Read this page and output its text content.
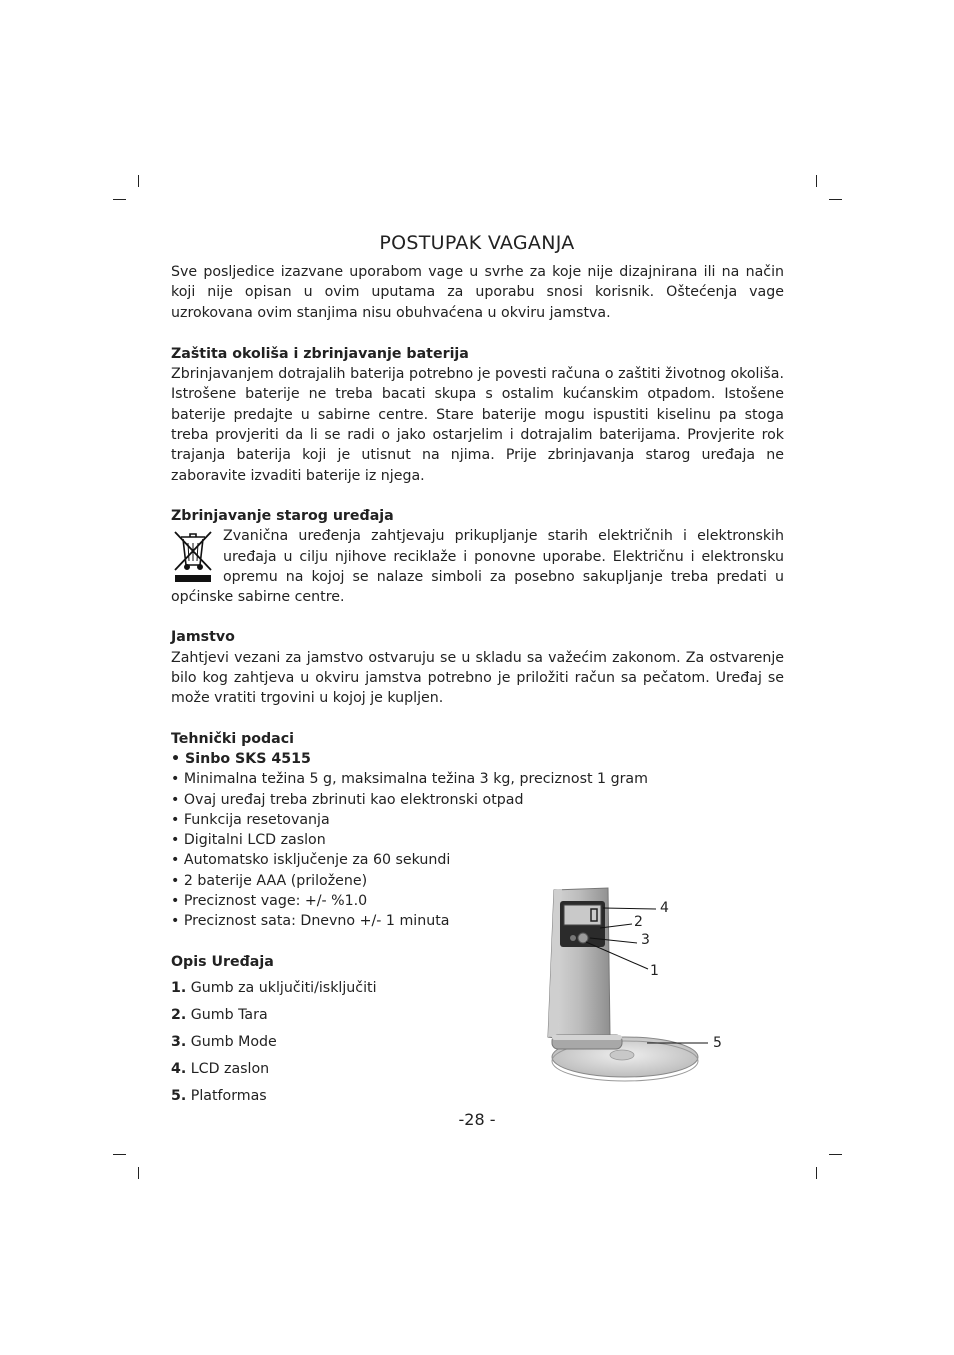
POSTUPAK VAGANJA

Sve posljedice izazvane uporabom vage u svrhe za koje nije dizajnirana ili na način koji nije opisan u ovim uputama za uporabu snosi korisnik. Oštećenja vage uzrokovana ovim stanjima nisu obuhvaćena u okviru jamstva.

Zaštita okoliša i zbrinjavanje baterija

Zbrinjavanjem dotrajalih baterija potrebno je povesti računa o zaštiti životnog okoliša. Istrošene baterije ne treba bacati skupa s ostalim kućanskim otpadom. Istošene baterije predajte u sabirne centre. Stare baterije mogu ispustiti kiselinu pa stoga treba provjeriti da li se radi o jako ostarjelim i dotrajalim baterijama. Provjerite rok trajanja baterija koji je utisnut na njima. Prije zbrinjavanja starog uređaja ne zaboravite izvaditi baterije iz njega.

Zbrinjavanje starog uređaja

Zvanična uređenja zahtjevaju prikupljanje starih električnih i elektronskih uređaja u cilju njihove reciklaže i ponovne uporabe. Električnu i elektronsku opremu na kojoj se nalaze simboli za posebno sakupljanje treba predati u općinske sabirne centre.

Jamstvo

Zahtjevi vezani za jamstvo ostvaruju se u skladu sa važećim zakonom. Za ostvarenje bilo kog zahtjeva u okviru jamstva potrebno je priložiti račun sa pečatom. Uređaj se može vratiti trgovini u kojoj je kupljen.

Tehnički podaci

• Sinbo SKS 4515

• Minimalna težina 5 g, maksimalna težina 3 kg, preciznost 1 gram
• Ovaj uređaj treba zbrinuti kao elektronski otpad
• Funkcija resetovanja
• Digitalni LCD zaslon
• Automatsko isključenje za 60 sekundi
• 2 baterije AAA (priložene)
• Preciznost vage: +/- %1.0
• Preciznost sata: Dnevno +/- 1 minuta

Opis Uređaja

1. Gumb za uključiti/isključiti
2. Gumb Tara
3. Gumb Mode
4. LCD zaslon
5. Platformas
4
2
3
1
5
-28 -
